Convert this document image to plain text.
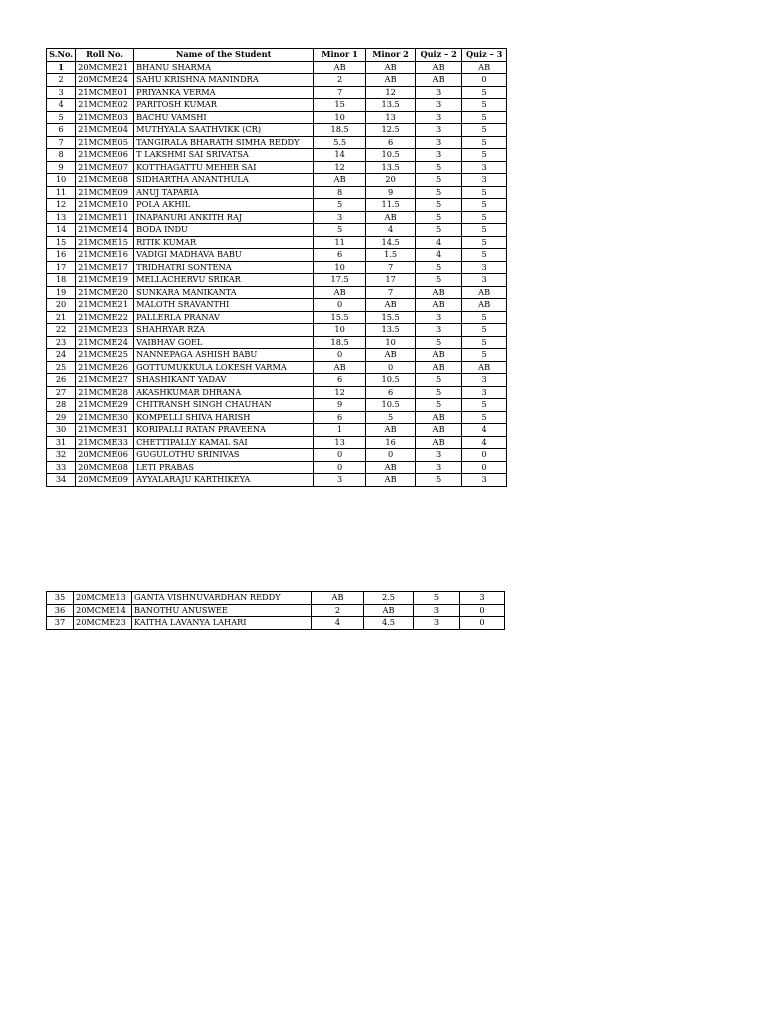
S.No.	Roll No.	Name of the Student	Minor 1	Minor 2	Quiz – 2	Quiz – 3
1	20MCME21	BHANU SHARMA	AB	AB	AB	AB
2	20MCME24	SAHU KRISHNA MANINDRA	2	AB	AB	0
3	21MCME01	PRIYANKA VERMA	7	12	3	5
4	21MCME02	PARITOSH KUMAR	15	13.5	3	5
5	21MCME03	BACHU VAMSHI	10	13	3	5
6	21MCME04	MUTHYALA SAATHVIKK (CR)	18.5	12.5	3	5
7	21MCME05	TANGIRALA BHARATH SIMHA REDDY	5.5	6	3	5
8	21MCME06	T LAKSHMI SAI SRIVATSA	14	10.5	3	5
9	21MCME07	KOTTHAGATTU MEHER SAI	12	13.5	5	3
10	21MCME08	SIDHARTHA ANANTHULA	AB	20	5	3
11	21MCME09	ANUJ TAPARIA	8	9	5	5
12	21MCME10	POLA AKHIL	5	11.5	5	5
13	21MCME11	INAPANURI ANKITH RAJ	3	AB	5	5
14	21MCME14	BODA INDU	5	4	5	5
15	21MCME15	RITIK KUMAR	11	14.5	4	5
16	21MCME16	VADIGI MADHAVA BABU	6	1.5	4	5
17	21MCME17	TRIDHATRI SONTENA	10	7	5	3
18	21MCME19	MELLACHERVU SRIKAR	17.5	17	5	3
19	21MCME20	SUNKARA MANIKANTA	AB	7	AB	AB
20	21MCME21	MALOTH SRAVANTHI	0	AB	AB	AB
21	21MCME22	PALLERLA PRANAV	15.5	15.5	3	5
22	21MCME23	SHAHRYAR RZA	10	13.5	3	5
23	21MCME24	VAIBHAV GOEL	18.5	10	5	5
24	21MCME25	NANNEPAGA ASHISH BABU	0	AB	AB	5
25	21MCME26	GOTTUMUKKULA LOKESH VARMA	AB	0	AB	AB
26	21MCME27	SHASHIKANT YADAV	6	10.5	5	3
27	21MCME28	AKASHKUMAR DHRANA	12	6	5	3
28	21MCME29	CHITRANSH SINGH CHAUHAN	9	10.5	5	5
29	21MCME30	KOMPELLI SHIVA HARISH	6	5	AB	5
30	21MCME31	KORIPALLI RATAN PRAVEENA	1	AB	AB	4
31	21MCME33	CHETTIPALLY KAMAL SAI	13	16	AB	4
32	20MCME06	GUGULOTHU SRINIVAS	0	0	3	0
33	20MCME08	LETI PRABAS	0	AB	3	0
34	20MCME09	AYYALARAJU KARTHIKEYA	3	AB	5	3
35	20MCME13	GANTA VISHNUVARDHAN REDDY	AB	2.5	5	3
36	20MCME14	BANOTHU ANUSWEE	2	AB	3	0
37	20MCME23	KAITHA LAVANYA LAHARI	4	4.5	3	0
